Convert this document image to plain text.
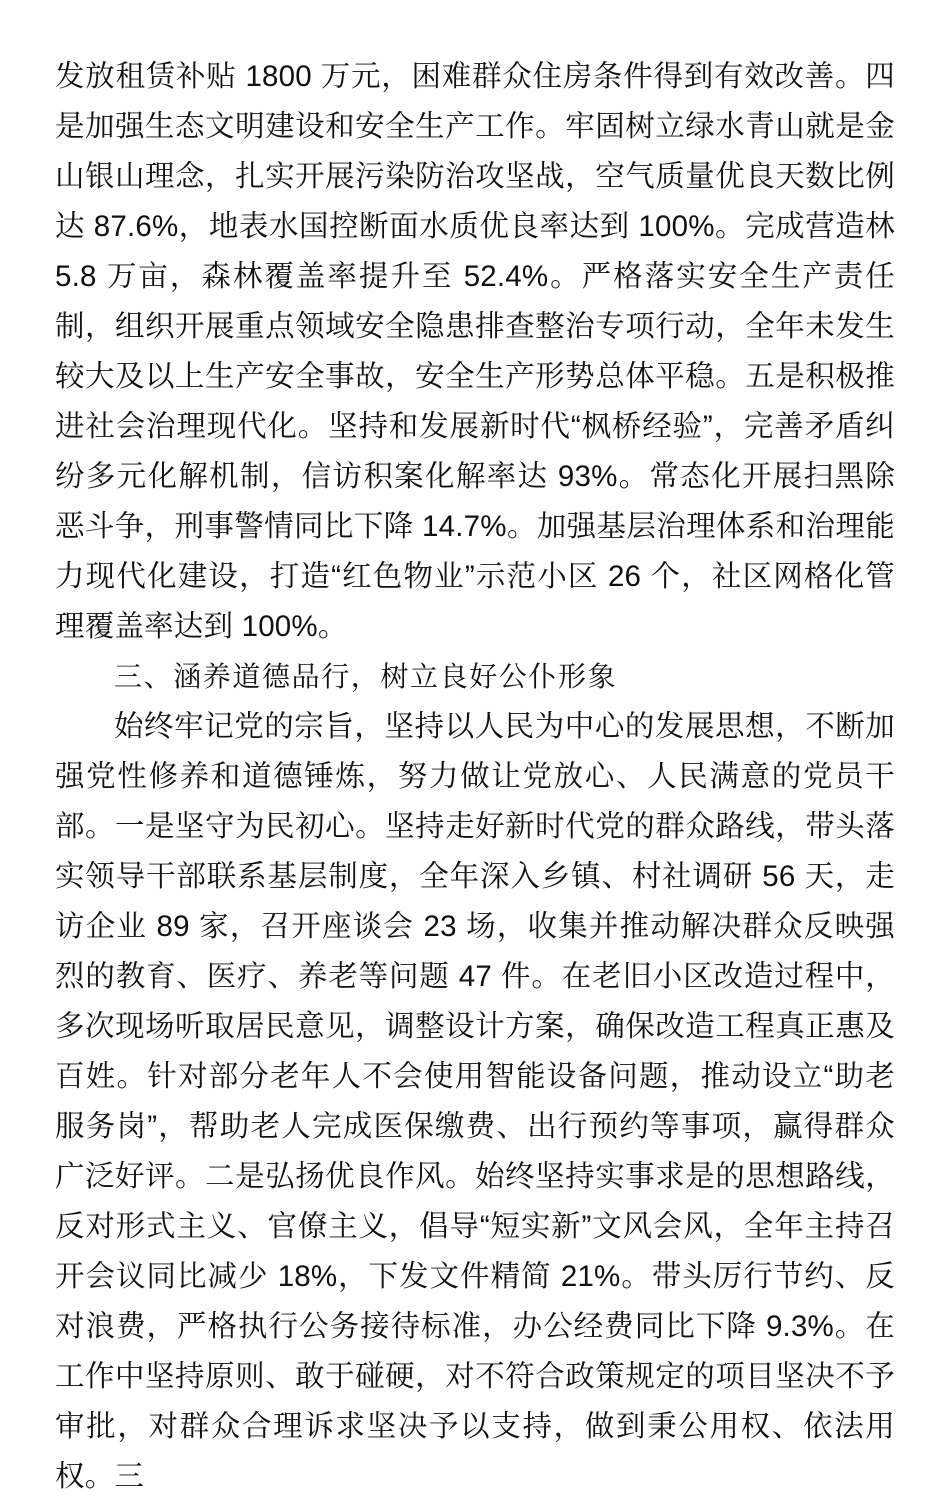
发放租赁补贴 1800 万元，困难群众住房条件得到有效改善。四是加强生态文明建设和安全生产工作。牢固树立绿水青山就是金山银山理念，扎实开展污染防治攻坚战，空气质量优良天数比例达 87.6%，地表水国控断面水质优良率达到 100%。完成营造林 5.8 万亩，森林覆盖率提升至 52.4%。严格落实安全生产责任制，组织开展重点领域安全隐患排查整治专项行动，全年未发生较大及以上生产安全事故，安全生产形势总体平稳。五是积极推进社会治理现代化。坚持和发展新时代“枫桥经验”，完善矛盾纠纷多元化解机制，信访积案化解率达 93%。常态化开展扫黑除恶斗争，刑事警情同比下降 14.7%。加强基层治理体系和治理能力现代化建设，打造“红色物业”示范小区 26 个，社区网格化管理覆盖率达到 100%。

三、涵养道德品行，树立良好公仆形象

始终牢记党的宗旨，坚持以人民为中心的发展思想，不断加强党性修养和道德锤炼，努力做让党放心、人民满意的党员干部。一是坚守为民初心。坚持走好新时代党的群众路线，带头落实领导干部联系基层制度，全年深入乡镇、村社调研 56 天，走访企业 89 家，召开座谈会 23 场，收集并推动解决群众反映强烈的教育、医疗、养老等问题 47 件。在老旧小区改造过程中，多次现场听取居民意见，调整设计方案，确保改造工程真正惠及百姓。针对部分老年人不会使用智能设备问题，推动设立“助老服务岗”，帮助老人完成医保缴费、出行预约等事项，赢得群众广泛好评。二是弘扬优良作风。始终坚持实事求是的思想路线，反对形式主义、官僚主义，倡导“短实新”文风会风，全年主持召开会议同比减少 18%，下发文件精简 21%。带头厉行节约、反对浪费，严格执行公务接待标准，办公经费同比下降 9.3%。在工作中坚持原则、敢于碰硬，对不符合政策规定的项目坚决不予审批，对群众合理诉求坚决予以支持，做到秉公用权、依法用权。三
